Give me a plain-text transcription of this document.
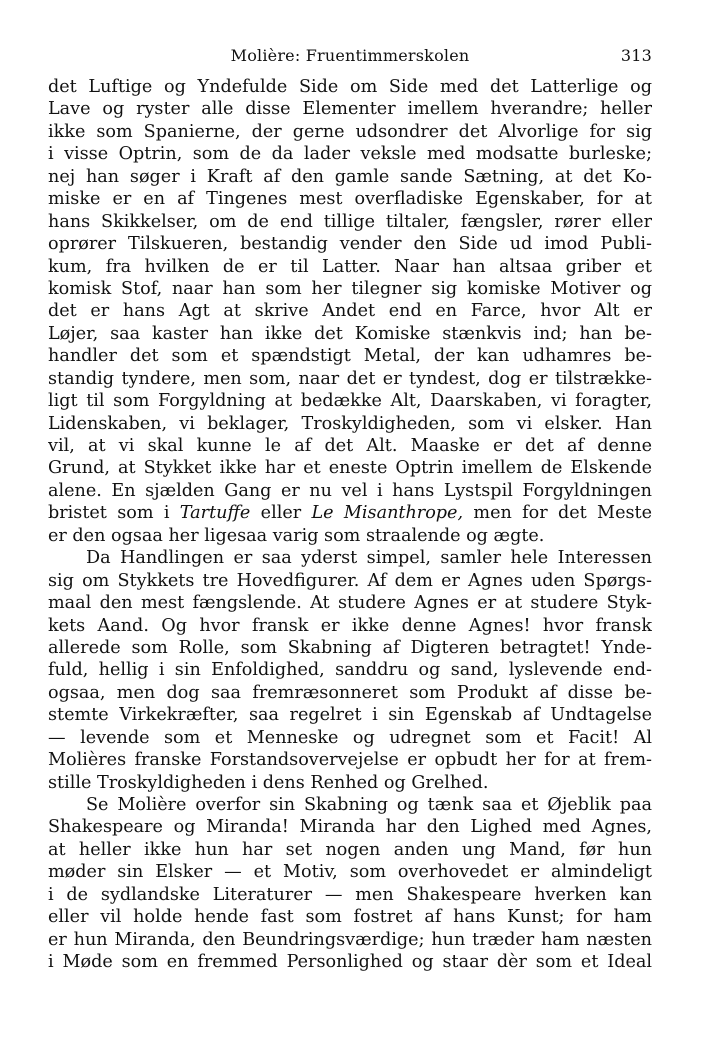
Molière: Fruentimmerskolen	313
det Luftige og Yndefulde Side om Side med det Latterlige og
Lave og ryster alle disse Elementer imellem hverandre; heller
ikke som Spanierne, der gerne udsondrer det Alvorlige for sig
i visse Optrin, som de da lader veksle med modsatte burleske;
nej han søger i Kraft af den gamle sande Sætning, at det Ko-
miske er en af Tingenes mest overfladiske Egenskaber, for at
hans Skikkelser, om de end tillige tiltaler, fængsler, rører eller
oprører Tilskueren, bestandig vender den Side ud imod Publi-
kum, fra hvilken de er til Latter. Naar han altsaa griber et
komisk Stof, naar han som her tilegner sig komiske Motiver og
det er hans Agt at skrive Andet end en Farce, hvor Alt er
Løjer, saa kaster han ikke det Komiske stænkvis ind; han be-
handler det som et spændstigt Metal, der kan udhamres be-
standig tyndere, men som, naar det er tyndest, dog er tilstrække-
ligt til som Forgyldning at bedække Alt, Daarskaben, vi foragter,
Lidenskaben, vi beklager, Troskyldigheden, som vi elsker. Han
vil, at vi skal kunne le af det Alt. Maaske er det af denne
Grund, at Stykket ikke har et eneste Optrin imellem de Elskende
alene. En sjælden Gang er nu vel i hans Lystspil Forgyldningen
bristet som i Tartuffe eller Le Misanthrope, men for det Meste
er den ogsaa her ligesaa varig som straalende og ægte.
Da Handlingen er saa yderst simpel, samler hele Interessen
sig om Stykkets tre Hovedfigurer. Af dem er Agnes uden Spørgs-
maal den mest fængslende. At studere Agnes er at studere Styk-
kets Aand. Og hvor fransk er ikke denne Agnes! hvor fransk
allerede som Rolle, som Skabning af Digteren betragtet! Ynde-
fuld, hellig i sin Enfoldighed, sanddru og sand, lyslevende end-
ogsaa, men dog saa fremræsonneret som Produkt af disse be-
stemte Virkekræfter, saa regelret i sin Egenskab af Undtagelse
— levende som et Menneske og udregnet som et Facit! Al
Molières franske Forstandsovervejelse er opbudt her for at frem-
stille Troskyldigheden i dens Renhed og Grelhed.
Se Molière overfor sin Skabning og tænk saa et Øjeblik paa
Shakespeare og Miranda! Miranda har den Lighed med Agnes,
at heller ikke hun har set nogen anden ung Mand, før hun
møder sin Elsker — et Motiv, som overhovedet er almindeligt
i de sydlandske Literaturer — men Shakespeare hverken kan
eller vil holde hende fast som fostret af hans Kunst; for ham
er hun Miranda, den Beundringsværdige; hun træder ham næsten
i Møde som en fremmed Personlighed og staar dèr som et Ideal
